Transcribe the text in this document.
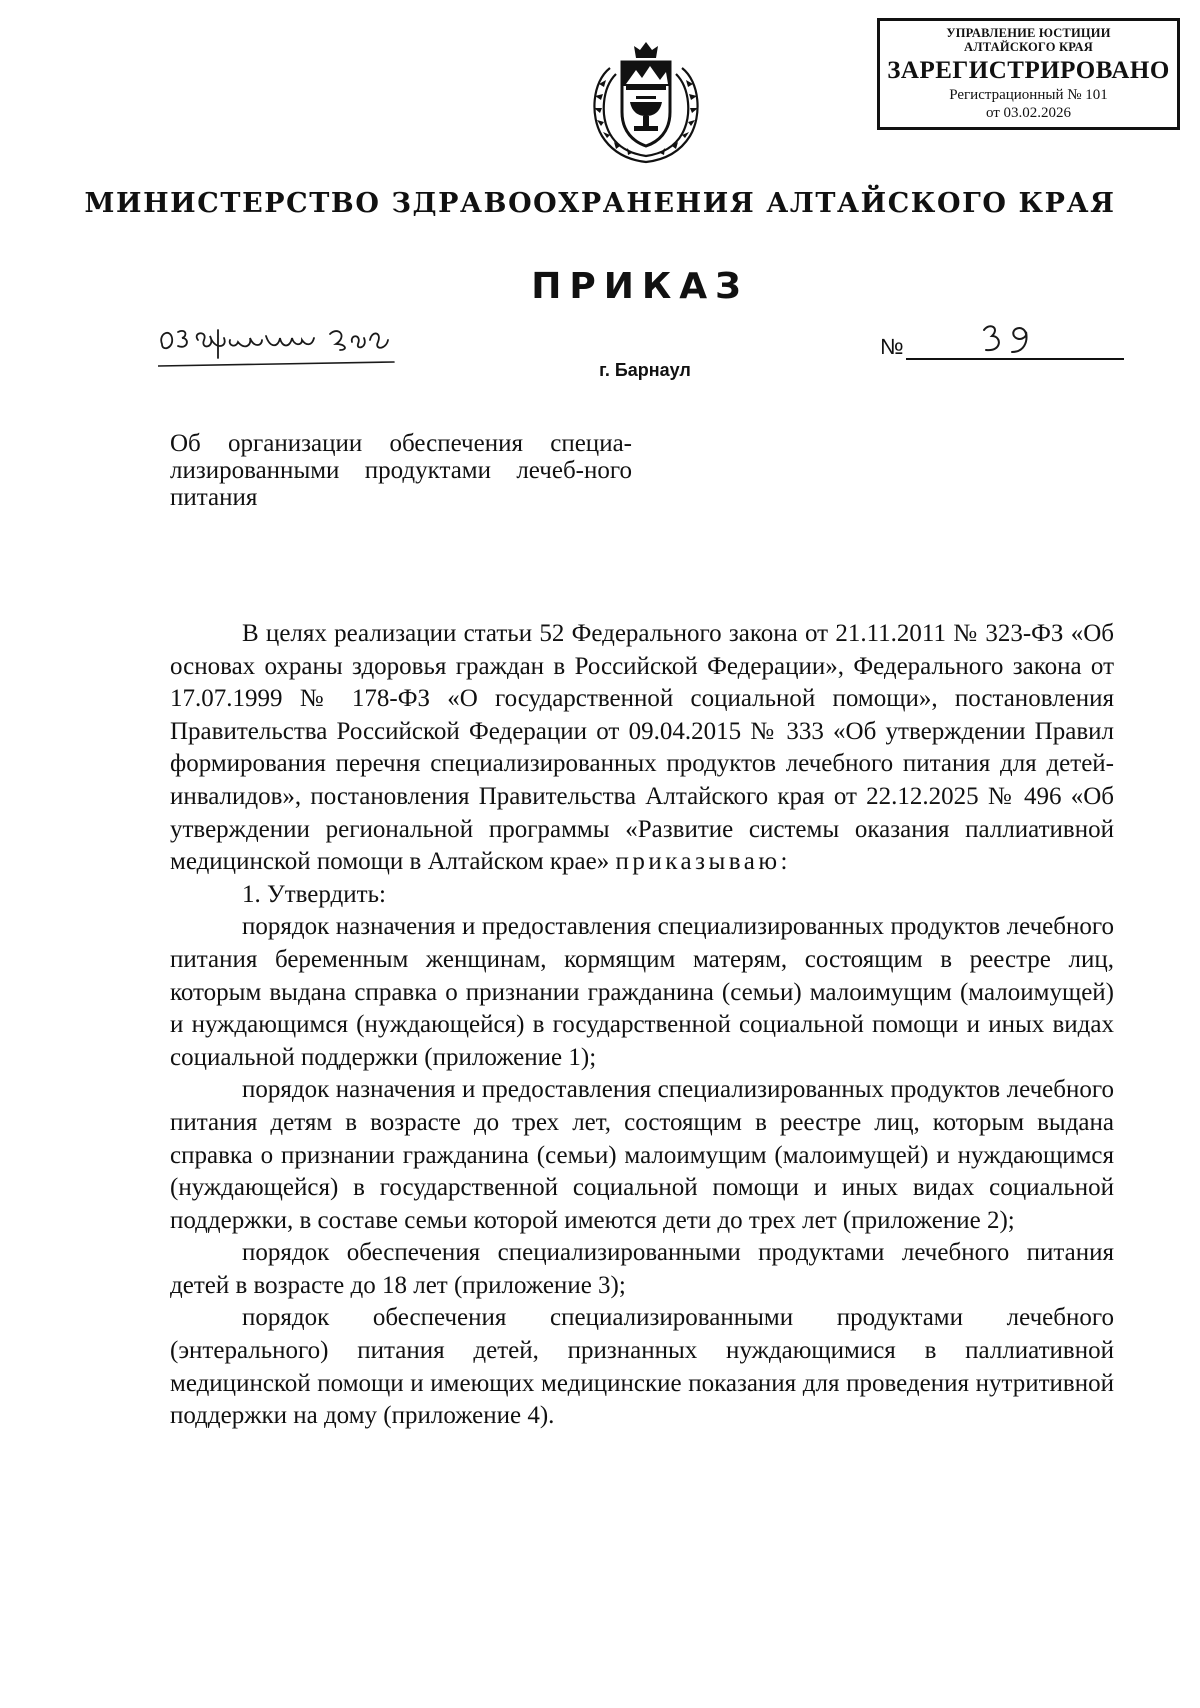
УПРАВЛЕНИЕ ЮСТИЦИИ
АЛТАЙСКОГО КРАЯ
ЗАРЕГИСТРИРОВАНО
Регистрационный № 101
от 03.02.2026
МИНИСТЕРСТВО ЗДРАВООХРАНЕНИЯ АЛТАЙСКОГО КРАЯ
ПРИКАЗ
№
г. Барнаул
Об организации обеспечения специа-лизированными продуктами лечеб-ного питания

В целях реализации статьи 52 Федерального закона от 21.11.2011 № 323-ФЗ «Об основах охраны здоровья граждан в Российской Федерации», Федерального закона от 17.07.1999 № 178-ФЗ «О государственной социальной помощи», постановления Правительства Российской Федерации от 09.04.2015 № 333 «Об утверждении Правил формирования перечня специализированных продуктов лечебного питания для детей-инвалидов», постановления Правительства Алтайского края от 22.12.2025 № 496 «Об утверждении региональной программы «Развитие системы оказания паллиативной медицинской помощи в Алтайском крае» приказываю:

1. Утвердить:

порядок назначения и предоставления специализированных продуктов лечебного питания беременным женщинам, кормящим матерям, состоящим в реестре лиц, которым выдана справка о признании гражданина (семьи) малоимущим (малоимущей) и нуждающимся (нуждающейся) в государственной социальной помощи и иных видах социальной поддержки (приложение 1);

порядок назначения и предоставления специализированных продуктов лечебного питания детям в возрасте до трех лет, состоящим в реестре лиц, которым выдана справка о признании гражданина (семьи) малоимущим (малоимущей) и нуждающимся (нуждающейся) в государственной социальной помощи и иных видах социальной поддержки, в составе семьи которой имеются дети до трех лет (приложение 2);

порядок обеспечения специализированными продуктами лечебного питания детей в возрасте до 18 лет (приложение 3);

порядок обеспечения специализированными продуктами лечебного (энтерального) питания детей, признанных нуждающимися в паллиативной медицинской помощи и имеющих медицинские показания для проведения нутритивной поддержки на дому (приложение 4).
